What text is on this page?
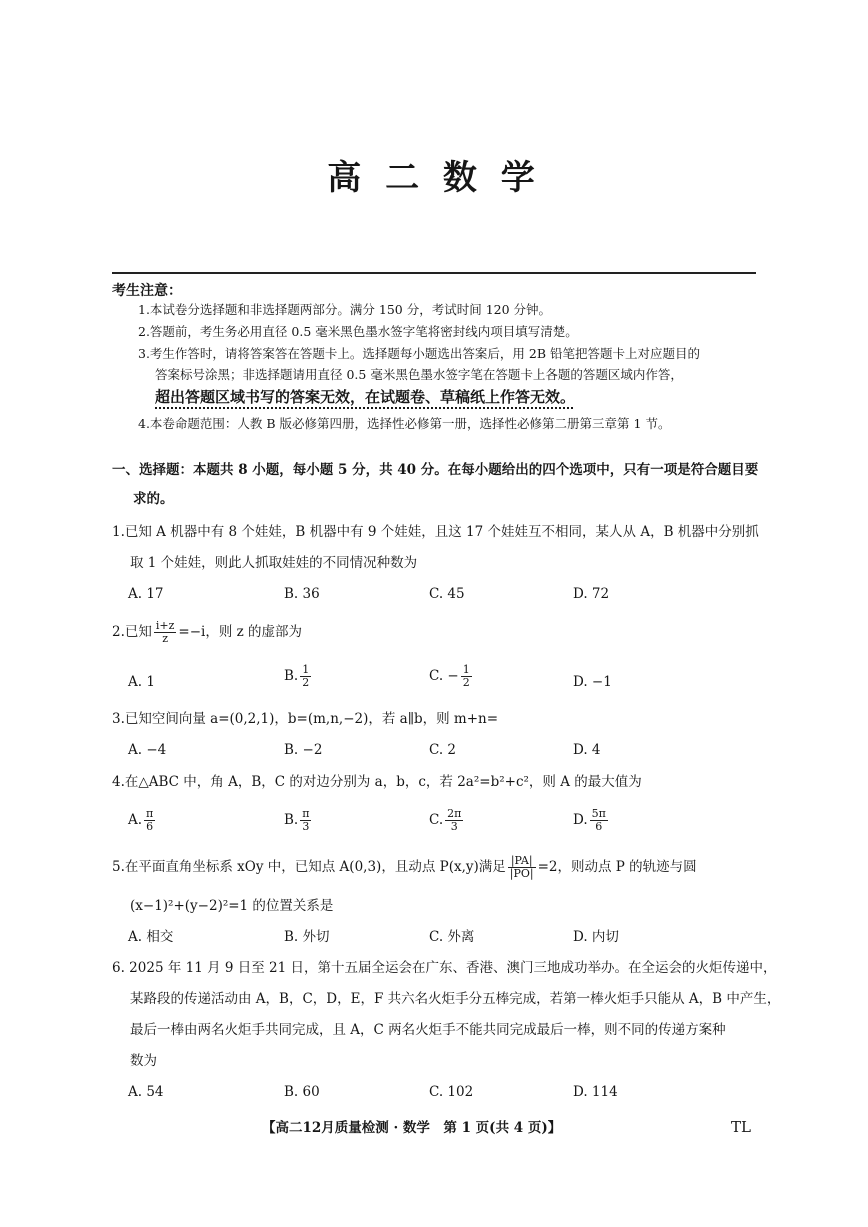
高 二 数 学
考生注意：
1.本试卷分选择题和非选择题两部分。满分 150 分，考试时间 120 分钟。
2.答题前，考生务必用直径 0.5 毫米黑色墨水签字笔将密封线内项目填写清楚。
3.考生作答时，请将答案答在答题卡上。选择题每小题选出答案后，用 2B 铅笔把答题卡上对应题目的
答案标号涂黑；非选择题请用直径 0.5 毫米黑色墨水签字笔在答题卡上各题的答题区域内作答，
超出答题区域书写的答案无效，在试题卷、草稿纸上作答无效。
4.本卷命题范围：人教 B 版必修第四册，选择性必修第一册，选择性必修第二册第三章第 1 节。
一、选择题：本题共 8 小题，每小题 5 分，共 40 分。在每小题给出的四个选项中，只有一项是符合题目要
求的。
1.已知 A 机器中有 8 个娃娃，B 机器中有 9 个娃娃，且这 17 个娃娃互不相同，某人从 A，B 机器中分别抓
取 1 个娃娃，则此人抓取娃娃的不同情况种数为
A. 17	B. 36	C. 45	D. 72
2.已知 $\frac{i+z}{z} =-i$，则 z 的虚部为
A. 1	B. $\frac{1}{2}$	C. − $\frac{1}{2}$	D. −1
3.已知空间向量 a=(0,2,1)，b=(m,n,−2)，若 a∥b，则 m+n=
A. −4	B. −2	C. 2	D. 4
4.在△ABC 中，角 A，B，C 的对边分别为 a，b，c，若 2a²=b²+c²，则 A 的最大值为
A. $\frac{\pi}{6}$	B. $\frac{\pi}{3}$	C. $\frac{2\pi}{3}$	D. $\frac{5\pi}{6}$
5.在平面直角坐标系 xOy 中，已知点 A(0,3)，且动点 P(x,y)满足 $\frac{|PA|}{|PO|} =2$，则动点 P 的轨迹与圆
(x−1)²+(y−2)²=1 的位置关系是
A. 相交	B. 外切	C. 外离	D. 内切
6. 2025 年 11 月 9 日至 21 日，第十五届全运会在广东、香港、澳门三地成功举办。在全运会的火炬传递中，
某路段的传递活动由 A，B，C，D，E，F 共六名火炬手分五棒完成，若第一棒火炬手只能从 A，B 中产生，
最后一棒由两名火炬手共同完成，且 A，C 两名火炬手不能共同完成最后一棒，则不同的传递方案种
数为
A. 54	B. 60	C. 102	D. 114
【高二12月质量检测 · 数学　第 1 页(共 4 页)】	TL
